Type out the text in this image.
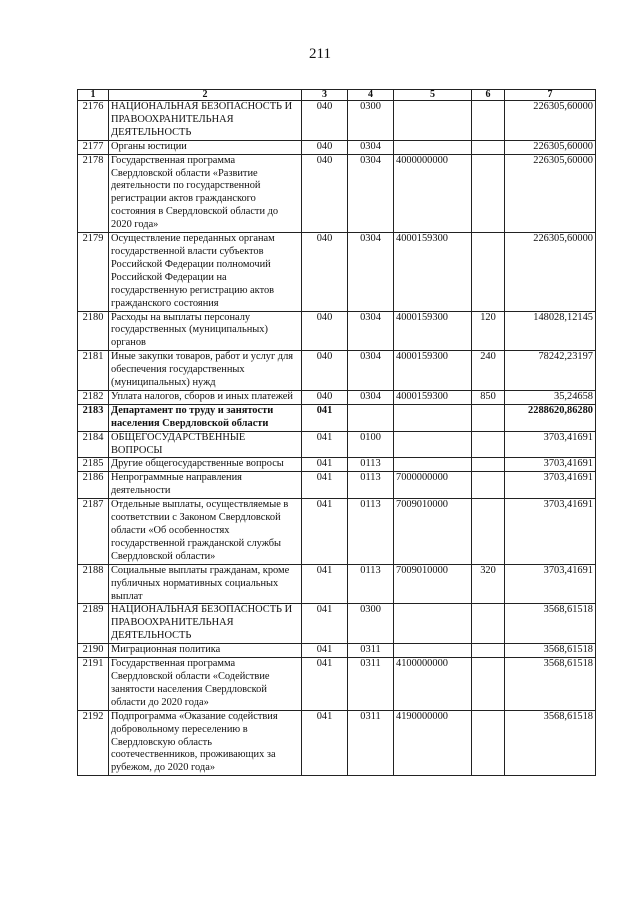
211
1	2	3	4	5	6	7
2176	НАЦИОНАЛЬНАЯ БЕЗОПАСНОСТЬ И ПРАВООХРАНИТЕЛЬНАЯ ДЕЯТЕЛЬНОСТЬ	040	0300			226305,60000
2177	Органы юстиции	040	0304			226305,60000
2178	Государственная программа Свердловской области «Развитие деятельности по государственной регистрации актов гражданского состояния в Свердловской области до 2020 года»	040	0304	4000000000		226305,60000
2179	Осуществление переданных органам государственной власти субъектов Российской Федерации полномочий Российской Федерации на государственную регистрацию актов гражданского состояния	040	0304	4000159300		226305,60000
2180	Расходы на выплаты персоналу государственных (муниципальных) органов	040	0304	4000159300	120	148028,12145
2181	Иные закупки товаров, работ и услуг для обеспечения государственных (муниципальных) нужд	040	0304	4000159300	240	78242,23197
2182	Уплата налогов, сборов и иных платежей	040	0304	4000159300	850	35,24658
2183	Департамент по труду и занятости населения Свердловской области	041				2288620,86280
2184	ОБЩЕГОСУДАРСТВЕННЫЕ ВОПРОСЫ	041	0100			3703,41691
2185	Другие общегосударственные вопросы	041	0113			3703,41691
2186	Непрограммные направления деятельности	041	0113	7000000000		3703,41691
2187	Отдельные выплаты, осуществляемые в соответствии с Законом Свердловской области «Об особенностях государственной гражданской службы Свердловской области»	041	0113	7009010000		3703,41691
2188	Социальные выплаты гражданам, кроме публичных нормативных социальных выплат	041	0113	7009010000	320	3703,41691
2189	НАЦИОНАЛЬНАЯ БЕЗОПАСНОСТЬ И ПРАВООХРАНИТЕЛЬНАЯ ДЕЯТЕЛЬНОСТЬ	041	0300			3568,61518
2190	Миграционная политика	041	0311			3568,61518
2191	Государственная программа Свердловской области «Содействие занятости населения Свердловской области до 2020 года»	041	0311	4100000000		3568,61518
2192	Подпрограмма «Оказание содействия добровольному переселению в Свердловскую область соотечественников, проживающих за рубежом, до 2020 года»	041	0311	4190000000		3568,61518
